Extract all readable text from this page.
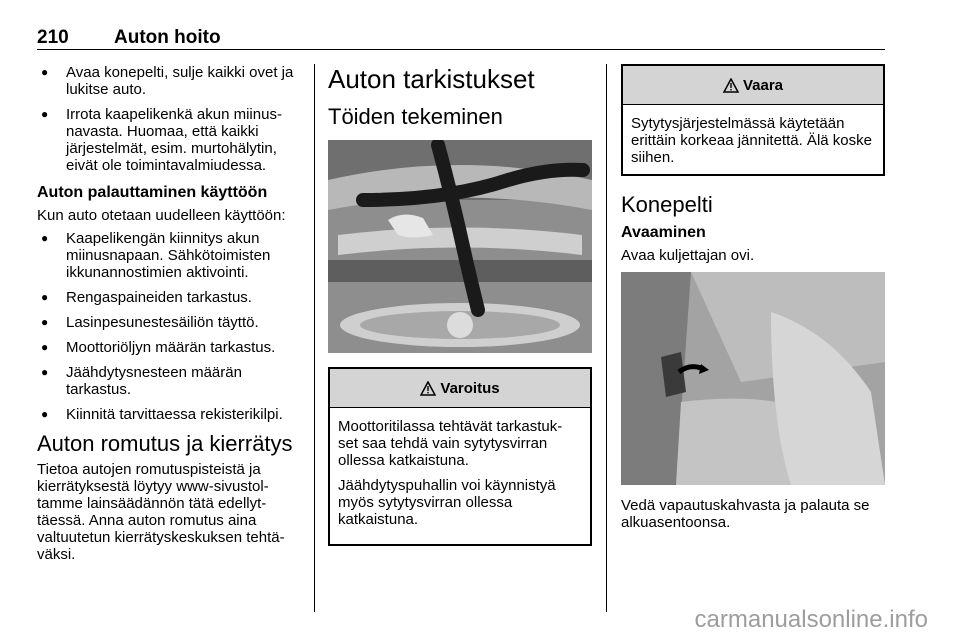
210 Auton hoito
● Avaa konepelti, sulje kaikki ovet ja lukitse auto.
● Irrota kaapelikenkä akun miinus-navasta. Huomaa, että kaikki järjestelmät, esim. murtohälytin, eivät ole toimintavalmiudessa.
Auton palauttaminen käyttöön
Kun auto otetaan uudelleen käyttöön:
● Kaapelikengän kiinnitys akun miinusnapaan. Sähkötoimisten ikkunannostimien aktivointi.
● Rengaspaineiden tarkastus.
● Lasinpesunestesäiliön täyttö.
● Moottoriöljyn määrän tarkastus.
● Jäähdytysnesteen määrän tarkastus.
● Kiinnitä tarvittaessa rekisterikilpi.
Auton romutus ja kierrätys
Tietoa autojen romutuspisteistä ja kierrätyksestä löytyy www-sivustol-tamme lainsäädännön tätä edellyt-täessä. Anna auton romutus aina valtuutetun kierrätyskeskuksen tehtä-väksi.
Auton tarkistukset
Töiden tekeminen
Varoitus

Moottoritilassa tehtävät tarkastuk-set saa tehdä vain sytytysvirran ollessa katkaistuna.

Jäähdytyspuhallin voi käynnistyä myös sytytysvirran ollessa katkaistuna.

Vaara

Sytytysjärjestelmässä käytetään erittäin korkeaa jännitettä. Älä koske siihen.

Konepelti
Avaaminen
Avaa kuljettajan ovi.
Vedä vapautuskahvasta ja palauta se alkuasentoonsa.
carmanualsonline.info
